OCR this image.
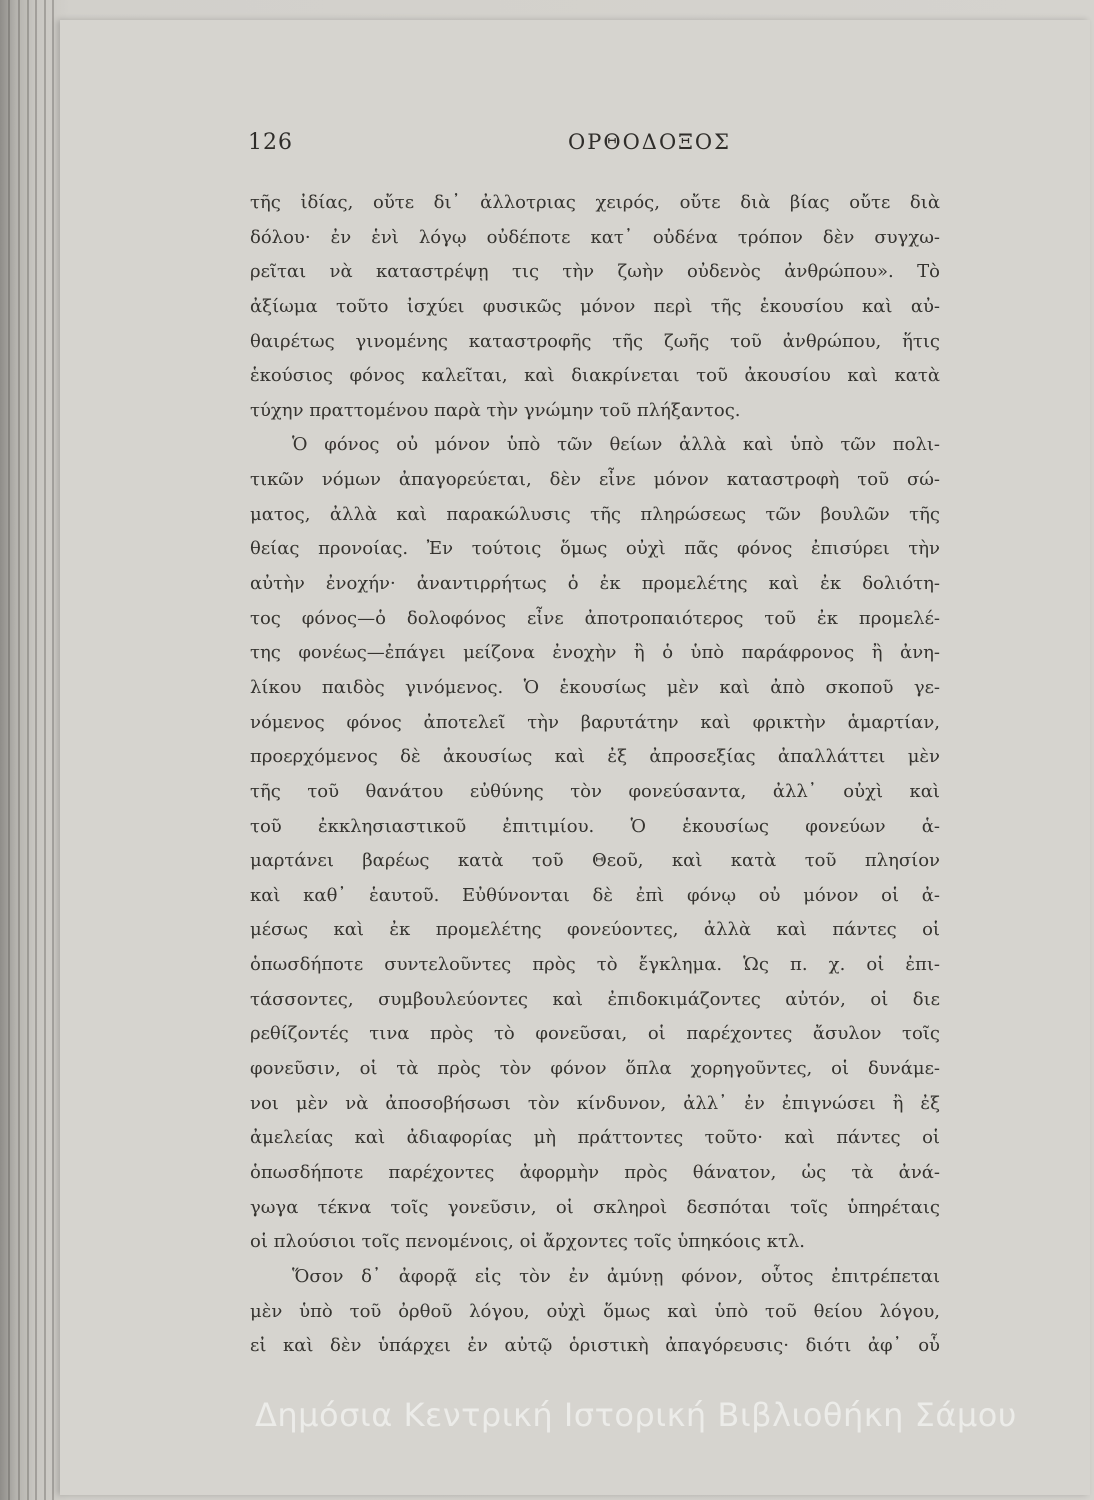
126	ΟΡΘΟΔΟΞΟΣ
τῆς ἰδίας, οὔτε δι᾽ ἀλλοτριας χειρός, οὔτε διὰ βίας οὔτε διὰ
δόλου· ἐν ἑνὶ λόγῳ οὐδέποτε κατ᾽ οὐδένα τρόπον δὲν συγχω-
ρεῖται νὰ καταστρέψῃ τις τὴν ζωὴν οὐδενὸς ἀνθρώπου». Τὸ
ἀξίωμα τοῦτο ἰσχύει φυσικῶς μόνον περὶ τῆς ἑκουσίου καὶ αὐ-
θαιρέτως γινομένης καταστροφῆς τῆς ζωῆς τοῦ ἀνθρώπου, ἥτις
ἑκούσιος φόνος καλεῖται, καὶ διακρίνεται τοῦ ἀκουσίου καὶ κατὰ
τύχην πραττομένου παρὰ τὴν γνώμην τοῦ πλήξαντος.
Ὁ φόνος οὐ μόνον ὑπὸ τῶν θείων ἀλλὰ καὶ ὑπὸ τῶν πολι-
τικῶν νόμων ἀπαγορεύεται, δὲν εἶνε μόνον καταστροφὴ τοῦ σώ-
ματος, ἀλλὰ καὶ παρακώλυσις τῆς πληρώσεως τῶν βουλῶν τῆς
θείας προνοίας. Ἐν τούτοις ὅμως οὐχὶ πᾶς φόνος ἐπισύρει τὴν
αὐτὴν ἐνοχήν· ἀναντιρρήτως ὁ ἐκ προμελέτης καὶ ἐκ δολιότη-
τος φόνος—ὁ δολοφόνος εἶνε ἀποτροπαιότερος τοῦ ἐκ προμελέ-
της φονέως—ἐπάγει μείζονα ἐνοχὴν ἢ ὁ ὑπὸ παράφρονος ἢ ἀνη-
λίκου παιδὸς γινόμενος. Ὁ ἑκουσίως μὲν καὶ ἀπὸ σκοποῦ γε-
νόμενος φόνος ἀποτελεῖ τὴν βαρυτάτην καὶ φρικτὴν ἁμαρτίαν,
προερχόμενος δὲ ἀκουσίως καὶ ἐξ ἀπροσεξίας ἀπαλλάττει μὲν
τῆς τοῦ θανάτου εὐθύνης τὸν φονεύσαντα, ἀλλ᾽ οὐχὶ καὶ
τοῦ ἐκκλησιαστικοῦ ἐπιτιμίου. Ὁ ἑκουσίως φονεύων ἁ-
μαρτάνει βαρέως κατὰ τοῦ Θεοῦ, καὶ κατὰ τοῦ πλησίον
καὶ καθ᾽ ἑαυτοῦ. Εὐθύνονται δὲ ἐπὶ φόνῳ οὐ μόνον οἱ ἀ-
μέσως καὶ ἐκ προμελέτης φονεύοντες, ἀλλὰ καὶ πάντες οἱ
ὁπωσδήποτε συντελοῦντες πρὸς τὸ ἔγκλημα. Ὡς π. χ. οἱ ἐπι-
τάσσοντες, συμβουλεύοντες καὶ ἐπιδοκιμάζοντες αὐτόν, οἱ διε
ρεθίζοντές τινα πρὸς τὸ φονεῦσαι, οἱ παρέχοντες ἄσυλον τοῖς
φονεῦσιν, οἱ τὰ πρὸς τὸν φόνον ὅπλα χορηγοῦντες, οἱ δυνάμε-
νοι μὲν νὰ ἀποσοβήσωσι τὸν κίνδυνον, ἀλλ᾽ ἐν ἐπιγνώσει ἢ ἐξ
ἀμελείας καὶ ἀδιαφορίας μὴ πράττοντες τοῦτο· καὶ πάντες οἱ
ὁπωσδήποτε παρέχοντες ἀφορμὴν πρὸς θάνατον, ὡς τὰ ἀνά-
γωγα τέκνα τοῖς γονεῦσιν, οἱ σκληροὶ δεσπόται τοῖς ὑπηρέταις
οἱ πλούσιοι τοῖς πενομένοις, οἱ ἄρχοντες τοῖς ὑπηκόοις κτλ.
Ὅσον δ᾽ ἀφορᾷ εἰς τὸν ἐν ἀμύνῃ φόνον, οὗτος ἐπιτρέπεται
μὲν ὑπὸ τοῦ ὀρθοῦ λόγου, οὐχὶ ὅμως καὶ ὑπὸ τοῦ θείου λόγου,
εἰ καὶ δὲν ὑπάρχει ἐν αὐτῷ ὁριστικὴ ἀπαγόρευσις· διότι ἀφ᾽ οὗ
Δημόσια Κεντρική Ιστορική Βιβλιοθήκη Σάμου
